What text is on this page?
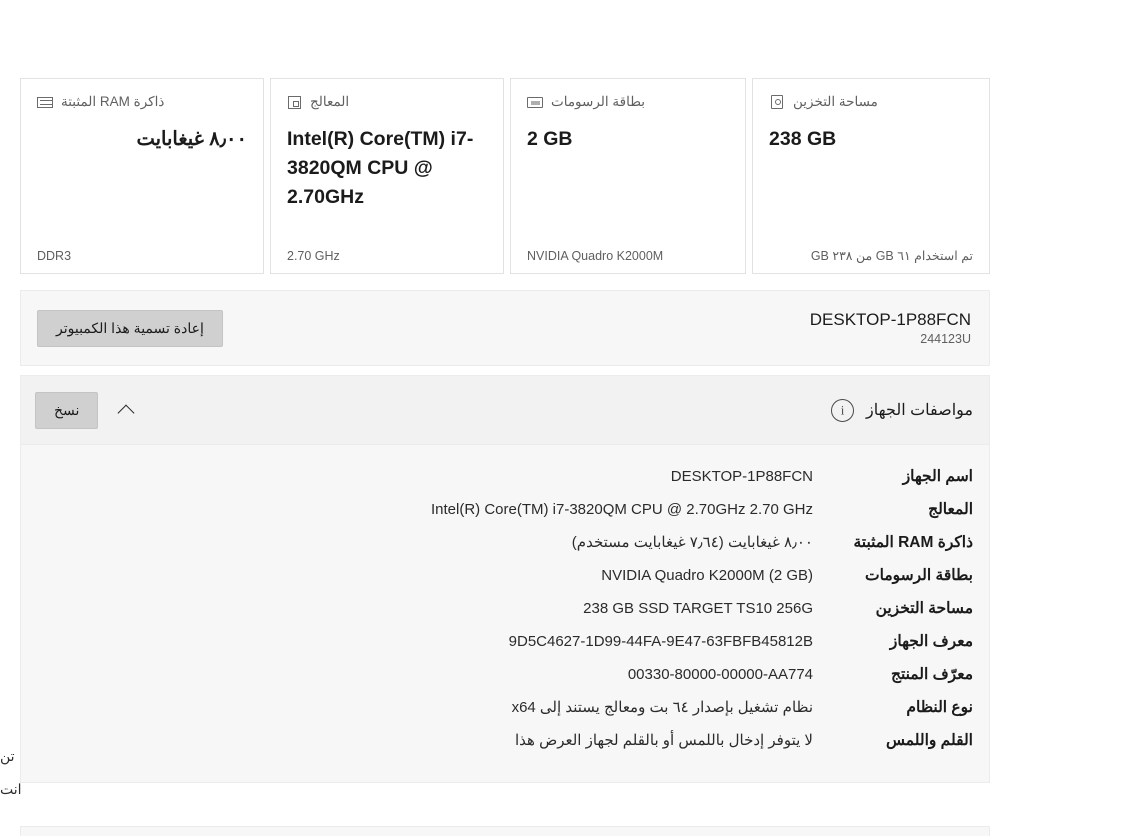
مساحة التخزين
238 GB
تم استخدام ٦١ GB من ٢٣٨ GB
بطاقة الرسومات
2 GB
NVIDIA Quadro K2000M
المعالج
Intel(R) Core(TM) i7-3820QM CPU @ 2.70GHz
2.70 GHz
ذاكرة RAM المثبتة
٨٫٠٠ غيغابايت
DDR3
DESKTOP-1P88FCN
244123U
إعادة تسمية هذا الكمبيوتر
مواصفات الجهاز
i
نسخ
اسم الجهاز
DESKTOP-1P88FCN
المعالج
Intel(R) Core(TM) i7-3820QM CPU @ 2.70GHz 2.70 GHz
ذاكرة RAM المثبتة
٨٫٠٠ غيغابايت (٧٫٦٤ غيغابايت مستخدم)
بطاقة الرسومات
NVIDIA Quadro K2000M (2 GB)
مساحة التخزين
238 GB SSD TARGET TS10 256G
معرف الجهاز
9D5C4627-1D99-44FA-9E47-63FBFB45812B
معرّف المنتج
00330-80000-00000-AA774
نوع النظام
نظام تشغيل بإصدار ٦٤ بت ومعالج يستند إلى x64
القلم واللمس
لا يتوفر إدخال باللمس أو بالقلم لجهاز العرض هذا
تن
انت
